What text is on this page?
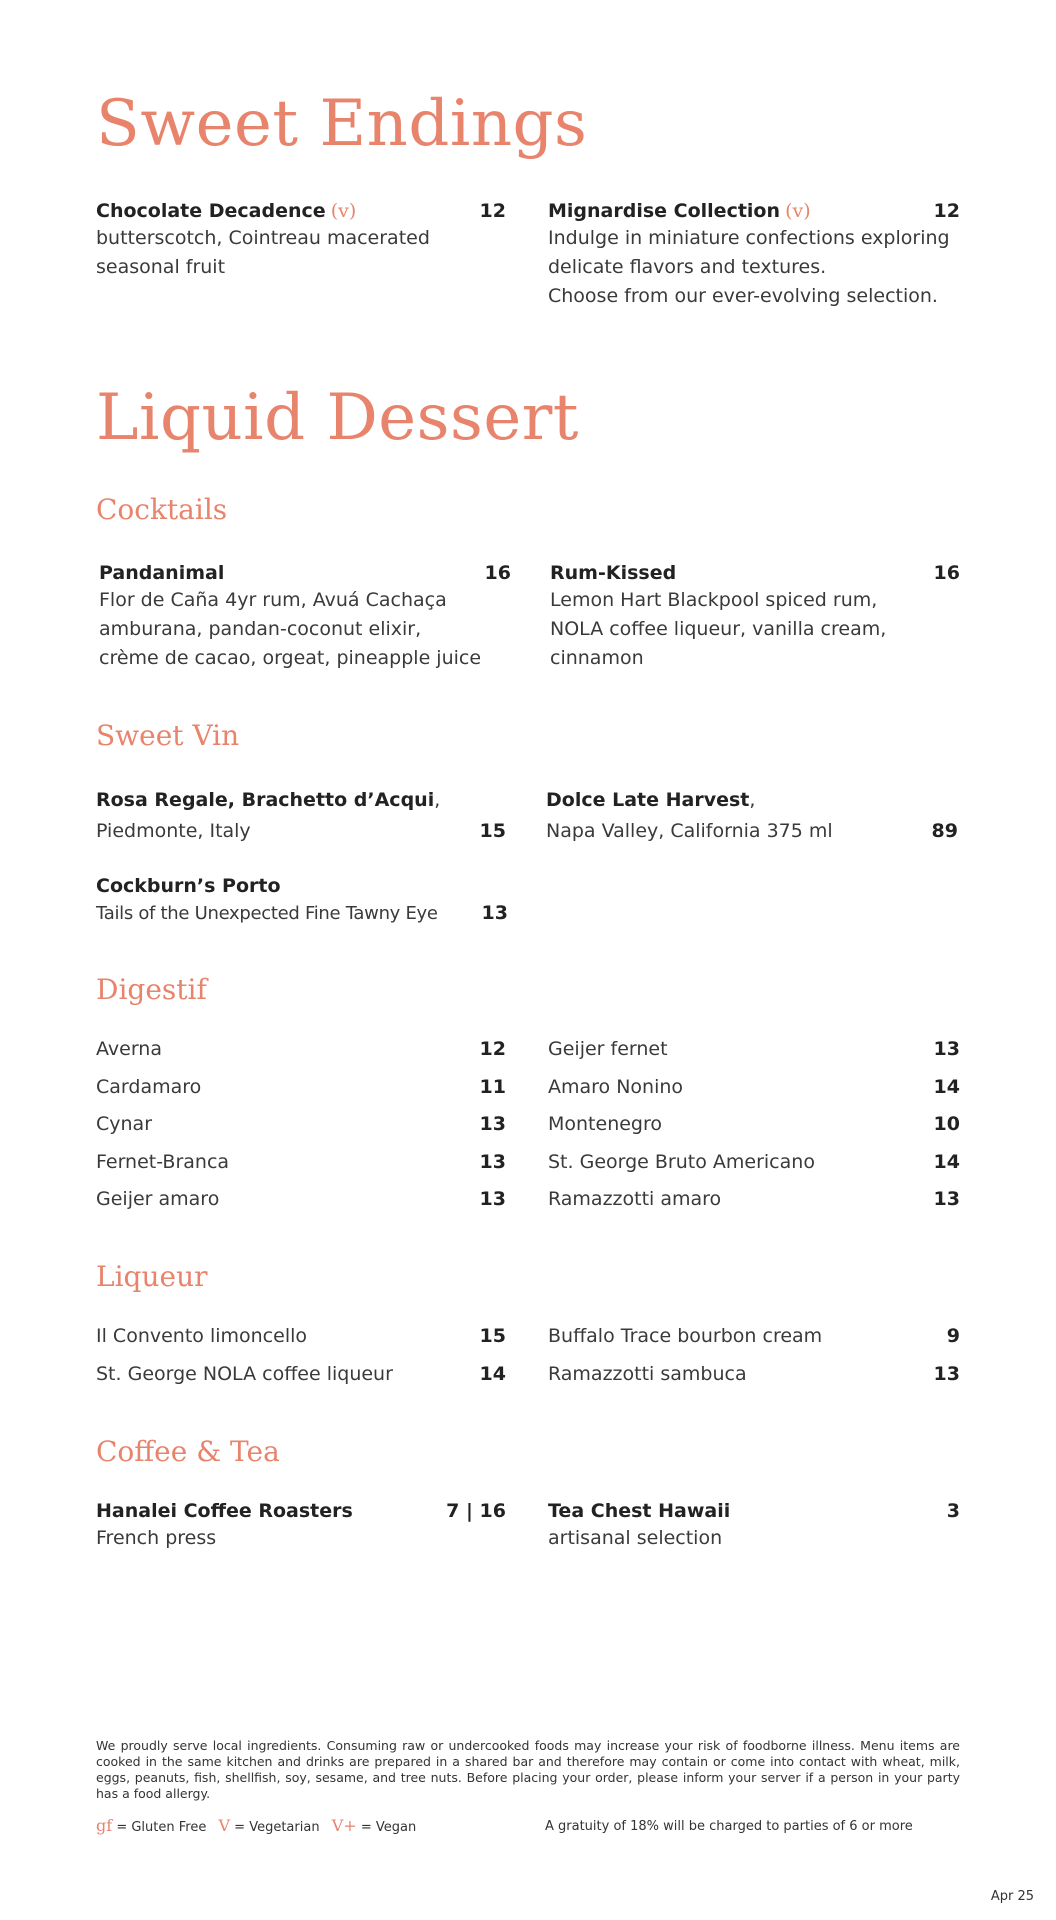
Sweet Endings
Chocolate Decadence (v)	12
butterscotch, Cointreau macerated
seasonal fruit
Mignardise Collection (v)	12
Indulge in miniature confections exploring
delicate flavors and textures.
Choose from our ever-evolving selection.
Liquid Dessert
Cocktails
Pandanimal	16
Flor de Caña 4yr rum, Avuá Cachaça
amburana, pandan-coconut elixir,
crème de cacao, orgeat, pineapple juice
Rum-Kissed	16
Lemon Hart Blackpool spiced rum,
NOLA coffee liqueur, vanilla cream,
cinnamon
Sweet Vin
Rosa Regale, Brachetto d’Acqui,
Piedmonte, Italy	15
Dolce Late Harvest,
Napa Valley, California 375 ml	89
Cockburn’s Porto
Tails of the Unexpected Fine Tawny Eye 13
Digestif
Averna	12
Cardamaro	11
Cynar	13
Fernet-Branca	13
Geijer amaro	13
Geijer fernet	13
Amaro Nonino	14
Montenegro	10
St. George Bruto Americano	14
Ramazzotti amaro	13
Liqueur
Il Convento limoncello	15
St. George NOLA coffee liqueur	14
Buffalo Trace bourbon cream	9
Ramazzotti sambuca	13
Coffee & Tea
Hanalei Coffee Roasters	7 | 16
French press
Tea Chest Hawaii	3
artisanal selection
We proudly serve local ingredients. Consuming raw or undercooked foods may increase your risk of foodborne illness. Menu items are cooked in the same kitchen and drinks are prepared in a shared bar and therefore may contain or come into contact with wheat, milk, eggs, peanuts, fish, shellfish, soy, sesame, and tree nuts. Before placing your order, please inform your server if a person in your party has a food allergy.
gf = Gluten Free V = Vegetarian V+ = Vegan	A gratuity of 18% will be charged to parties of 6 or more
Apr 25
